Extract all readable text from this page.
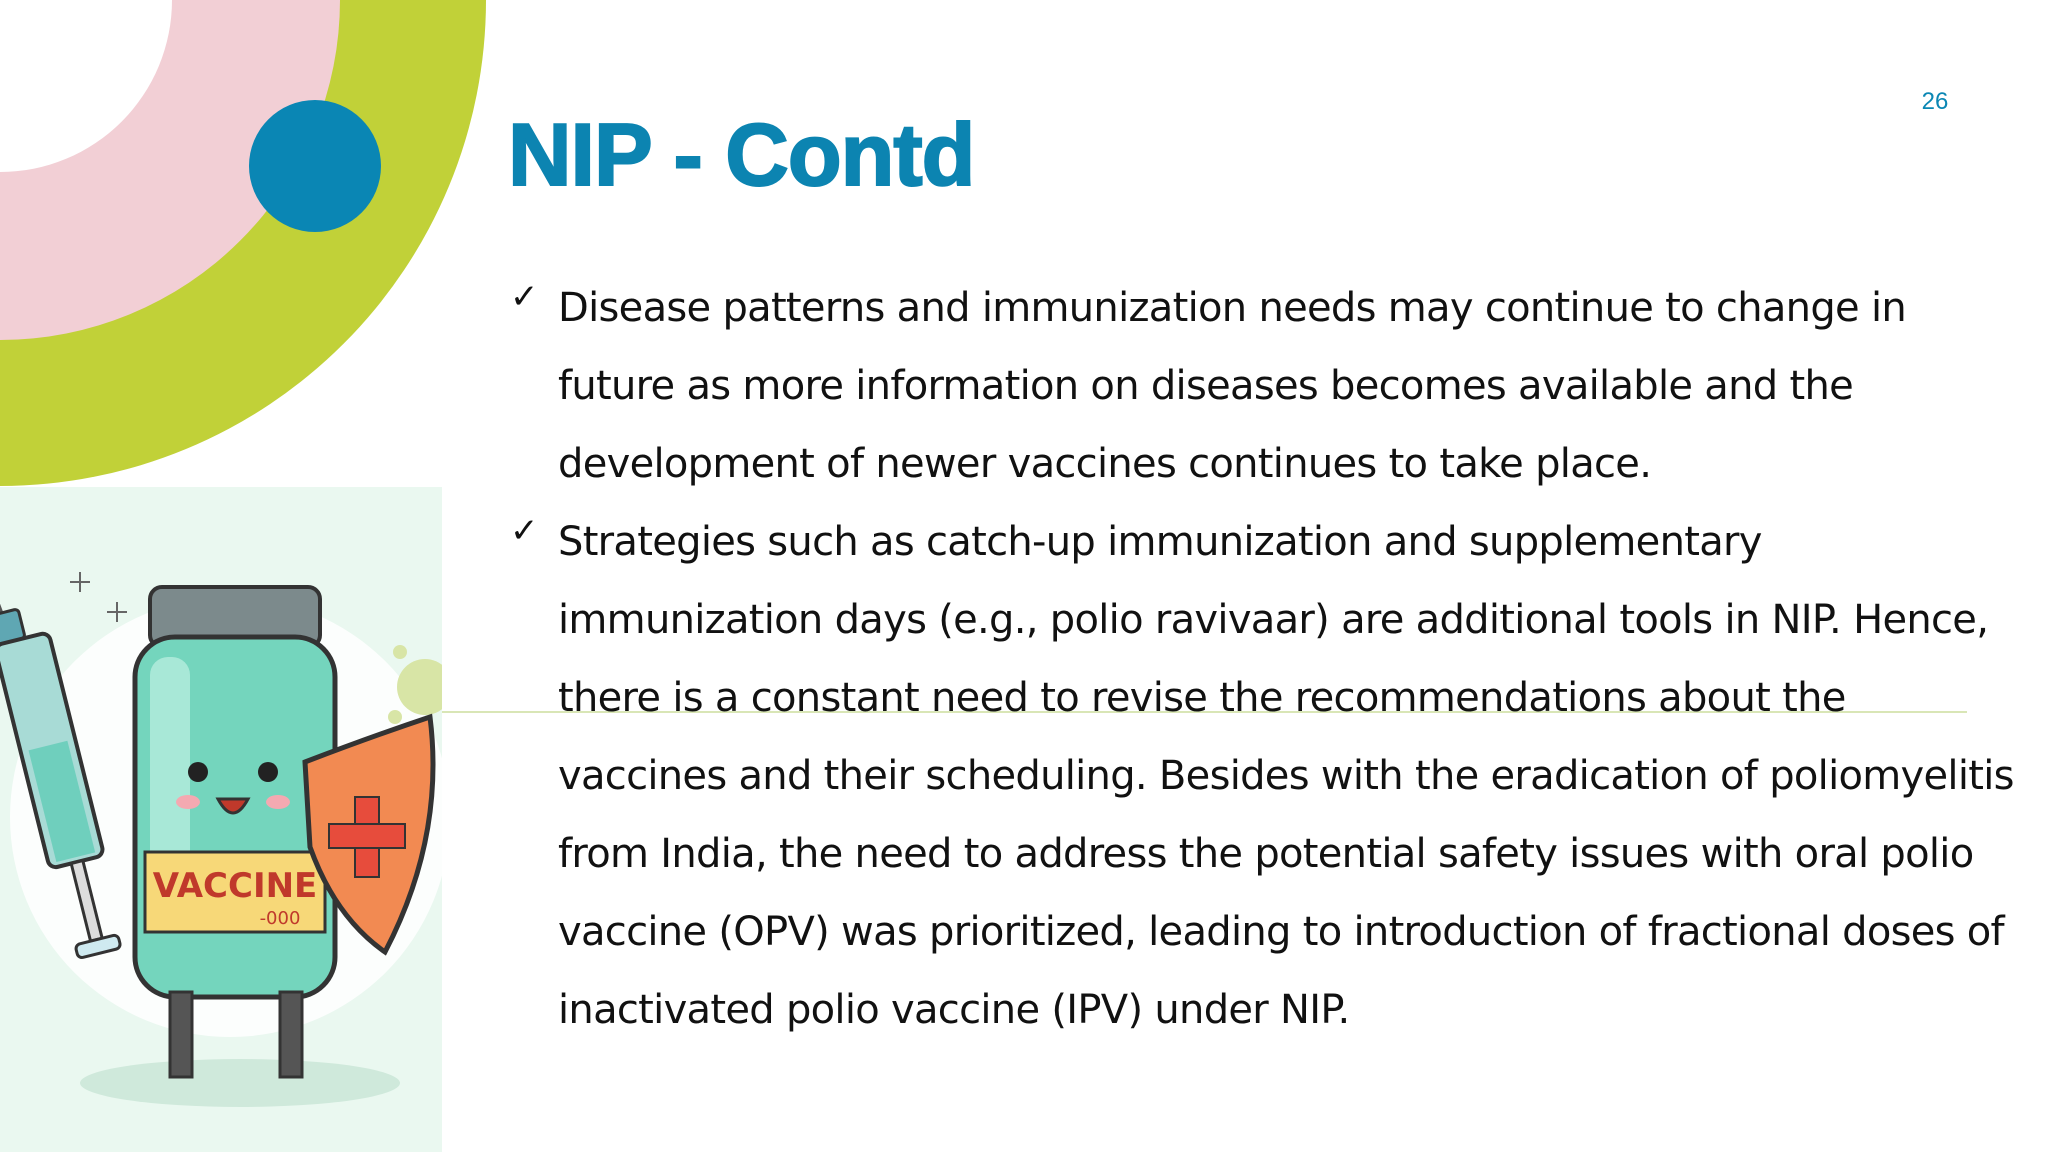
VACCINE
-000
26
NIP - Contd
✓ Disease patterns and immunization needs may continue to change in future as more information on diseases becomes available and the development of newer vaccines continues to take place.
✓ Strategies such as catch-up immunization and supplementary immunization days (e.g., polio ravivaar) are additional tools in NIP. Hence, there is a constant need to revise the recommendations about the vaccines and their scheduling. Besides with the eradication of poliomyelitis from India, the need to address the potential safety issues with oral polio vaccine (OPV) was prioritized, leading to introduction of fractional doses of inactivated polio vaccine (IPV) under NIP.
